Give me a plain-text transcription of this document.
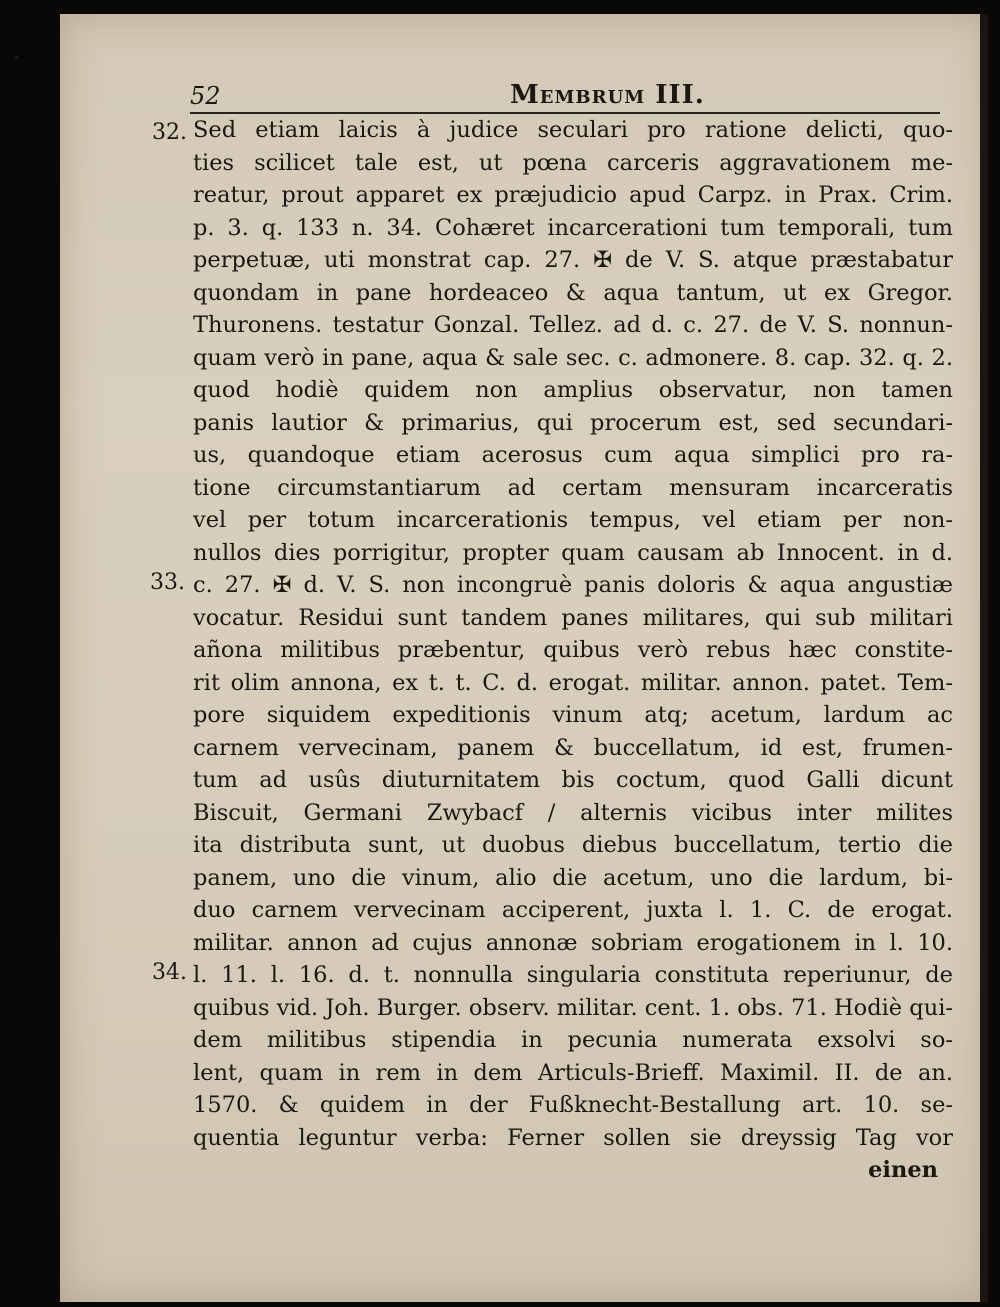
52	Membrum III.
32.
33.
34.
Sed etiam laicis à judice seculari pro ratione delicti, quo-
ties scilicet tale est, ut pœna carceris aggravationem me-
reatur, prout apparet ex præjudicio apud Carpz. in Prax. Crim.
p. 3. q. 133 n. 34. Cohæret incarcerationi tum temporali, tum
perpetuæ, uti monstrat cap. 27. ✠ de V. S. atque præstabatur
quondam in pane hordeaceo & aqua tantum, ut ex Gregor.
Thuronens. testatur Gonzal. Tellez. ad d. c. 27. de V. S. nonnun-
quam verò in pane, aqua & sale sec. c. admonere. 8. cap. 32. q. 2.
quod hodiè quidem non amplius observatur, non tamen
panis lautior & primarius, qui procerum est, sed secundari-
us, quandoque etiam acerosus cum aqua simplici pro ra-
tione circumstantiarum ad certam mensuram incarceratis
vel per totum incarcerationis tempus, vel etiam per non-
nullos dies porrigitur, propter quam causam ab Innocent. in d.
c. 27. ✠ d. V. S. non incongruè panis doloris & aqua angustiæ
vocatur. Residui sunt tandem panes militares, qui sub militari
añona militibus præbentur, quibus verò rebus hæc constite-
rit olim annona, ex t. t. C. d. erogat. militar. annon. patet. Tem-
pore siquidem expeditionis vinum atq; acetum, lardum ac
carnem vervecinam, panem & buccellatum, id est, frumen-
tum ad usûs diuturnitatem bis coctum, quod Galli dicunt
Biscuit, Germani Zwybacf / alternis vicibus inter milites
ita distributa sunt, ut duobus diebus buccellatum, tertio die
panem, uno die vinum, alio die acetum, uno die lardum, bi-
duo carnem vervecinam acciperent, juxta l. 1. C. de erogat.
militar. annon ad cujus annonæ sobriam erogationem in l. 10.
l. 11. l. 16. d. t. nonnulla singularia constituta reperiunur, de
quibus vid. Joh. Burger. observ. militar. cent. 1. obs. 71. Hodiè qui-
dem militibus stipendia in pecunia numerata exsolvi so-
lent, quam in rem in dem Articuls-Brieff. Maximil. II. de an.
1570. & quidem in der Fußknecht-Bestallung art. 10. se-
quentia leguntur verba: Ferner sollen sie dreyssig Tag vor
einen
